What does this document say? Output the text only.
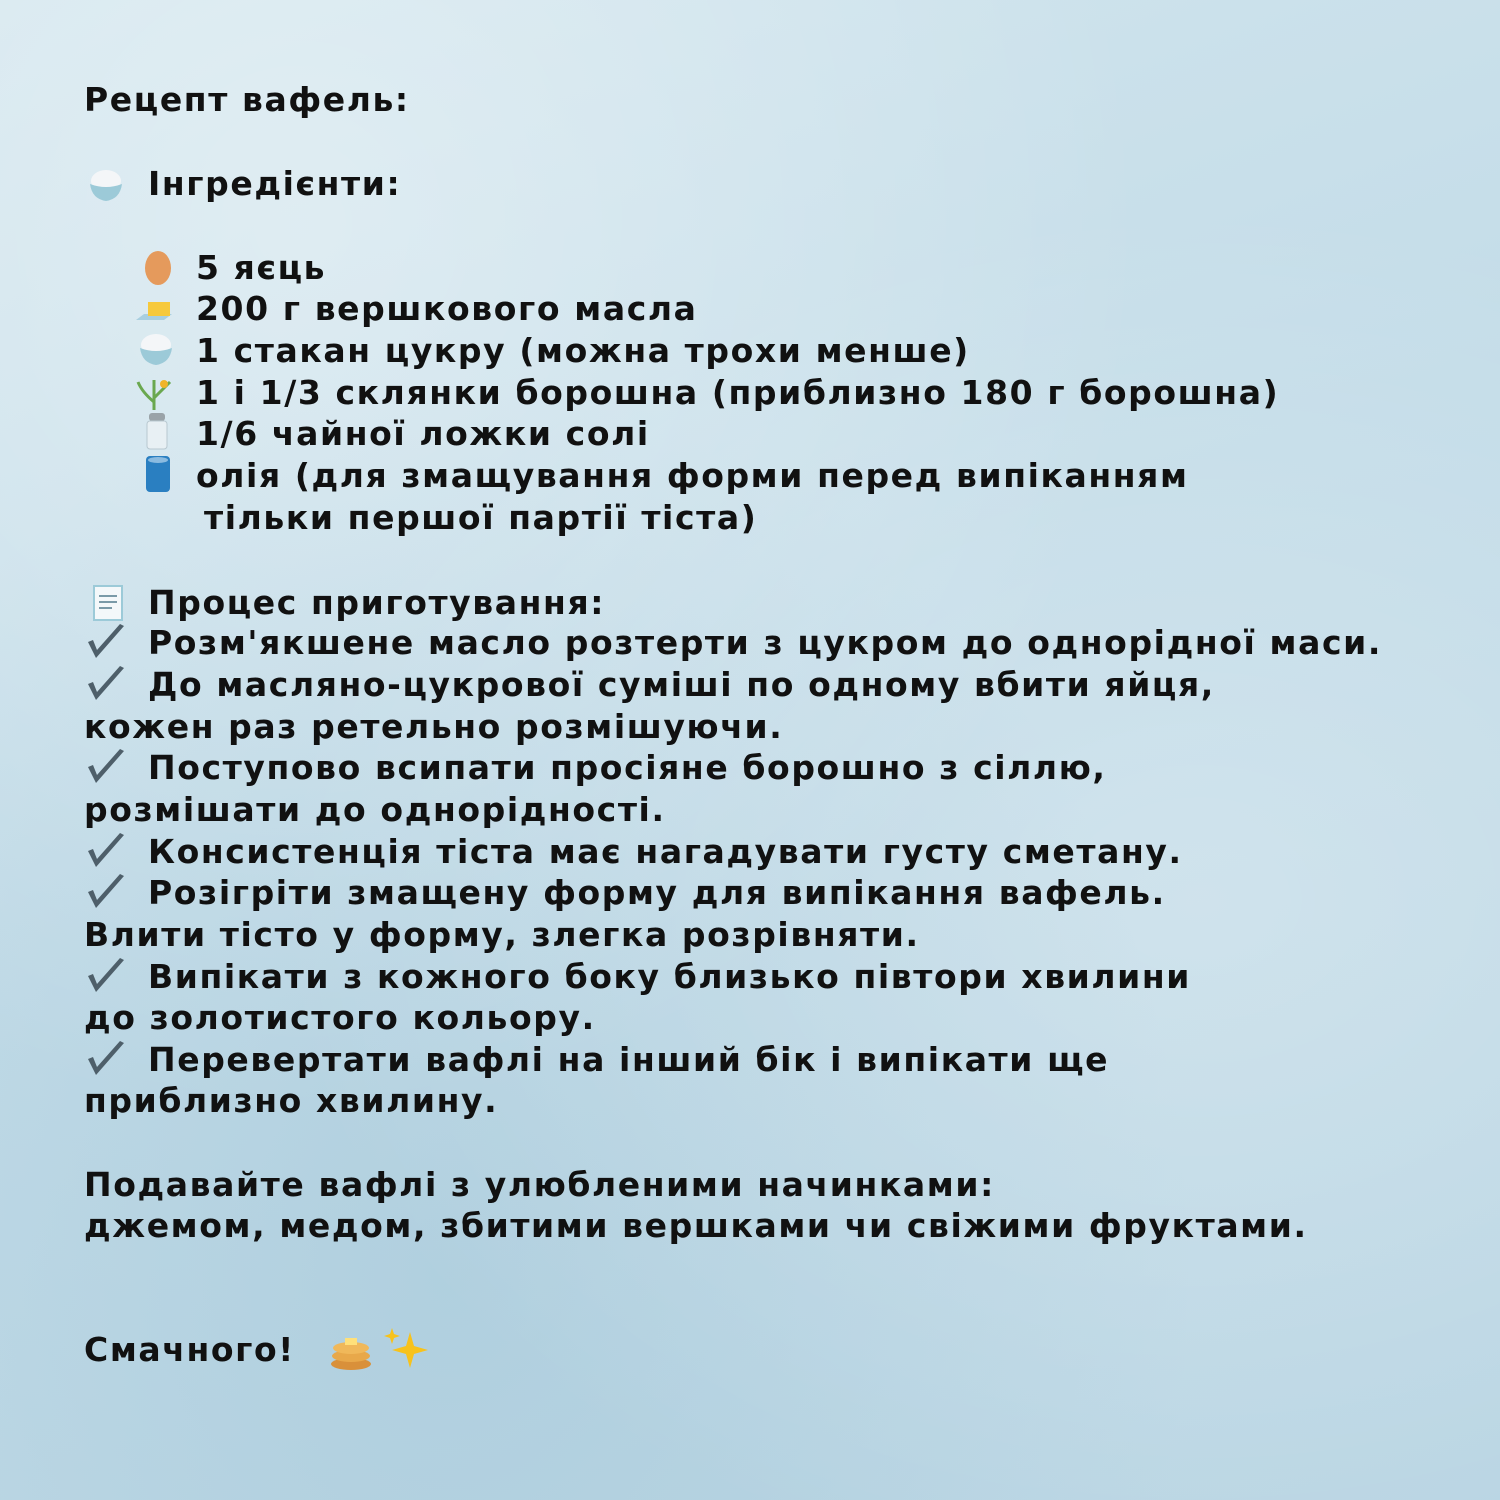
Рецепт вафель:
Інгредієнти:
5 яєць
200 г вершкового масла
1 стакан цукру (можна трохи менше)
1 і 1/3 склянки борошна (приблизно 180 г борошна)
1/6 чайної ложки солі
олія (для змащування форми перед випіканням
тільки першої партії тіста)
Процес приготування:
Розм'якшене масло розтерти з цукром до однорідної маси.
До масляно-цукрової суміші по одному вбити яйця,
кожен раз ретельно розмішуючи.
Поступово всипати просіяне борошно з сіллю,
розмішати до однорідності.
Консистенція тіста має нагадувати густу сметану.
Розігріти змащену форму для випікання вафель.
Влити тісто у форму, злегка розрівняти.
Випікати з кожного боку близько півтори хвилини
до золотистого кольору.
Перевертати вафлі на інший бік і випікати ще
приблизно хвилину.
Подавайте вафлі з улюбленими начинками:
джемом, медом, збитими вершками чи свіжими фруктами.
Смачного!
